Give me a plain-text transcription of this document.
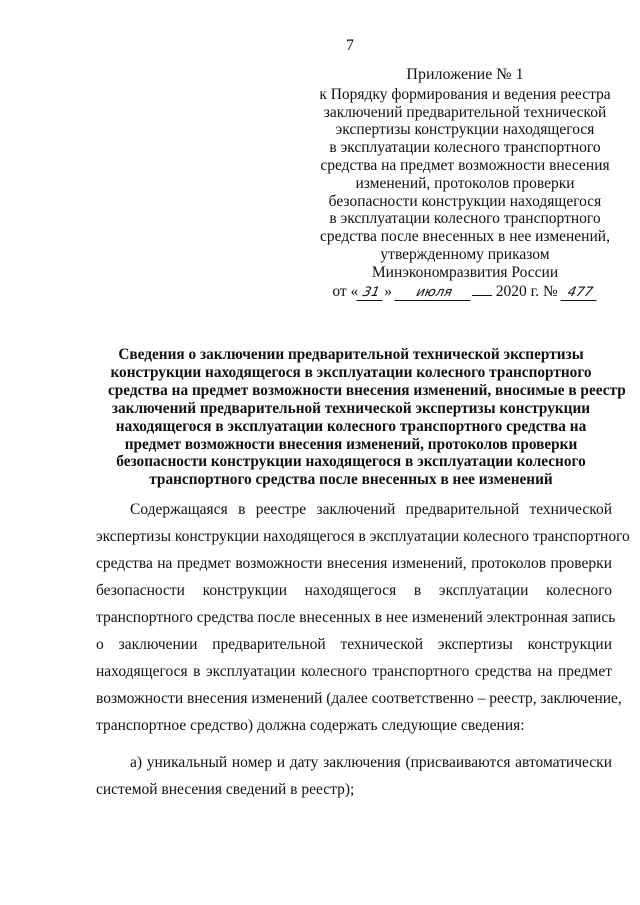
7
Приложение № 1
к Порядку формирования и ведения реестра
заключений предварительной технической
экспертизы конструкции находящегося
в эксплуатации колесного транспортного
средства на предмет возможности внесения
изменений, протоколов проверки
безопасности конструкции находящегося
в эксплуатации колесного транспортного
средства после внесенных в нее изменений,
утвержденному приказом
Минэкономразвития России
от « 31 » июля	2020 г. № 477
Сведения о заключении предварительной технической экспертизы
конструкции находящегося в эксплуатации колесного транспортного
средства на предмет возможности внесения изменений, вносимые в реестр
заключений предварительной технической экспертизы конструкции
находящегося в эксплуатации колесного транспортного средства на
предмет возможности внесения изменений, протоколов проверки
безопасности конструкции находящегося в эксплуатации колесного
транспортного средства после внесенных в нее изменений
Содержащаяся в реестре заключений предварительной технической
экспертизы конструкции находящегося в эксплуатации колесного транспортного
средства на предмет возможности внесения изменений, протоколов проверки
безопасности конструкции находящегося в эксплуатации колесного
транспортного средства после внесенных в нее изменений электронная запись
о заключении предварительной технической экспертизы конструкции
находящегося в эксплуатации колесного транспортного средства на предмет
возможности внесения изменений (далее соответственно – реестр, заключение,
транспортное средство) должна содержать следующие сведения:
а) уникальный номер и дату заключения (присваиваются автоматически
системой внесения сведений в реестр);
